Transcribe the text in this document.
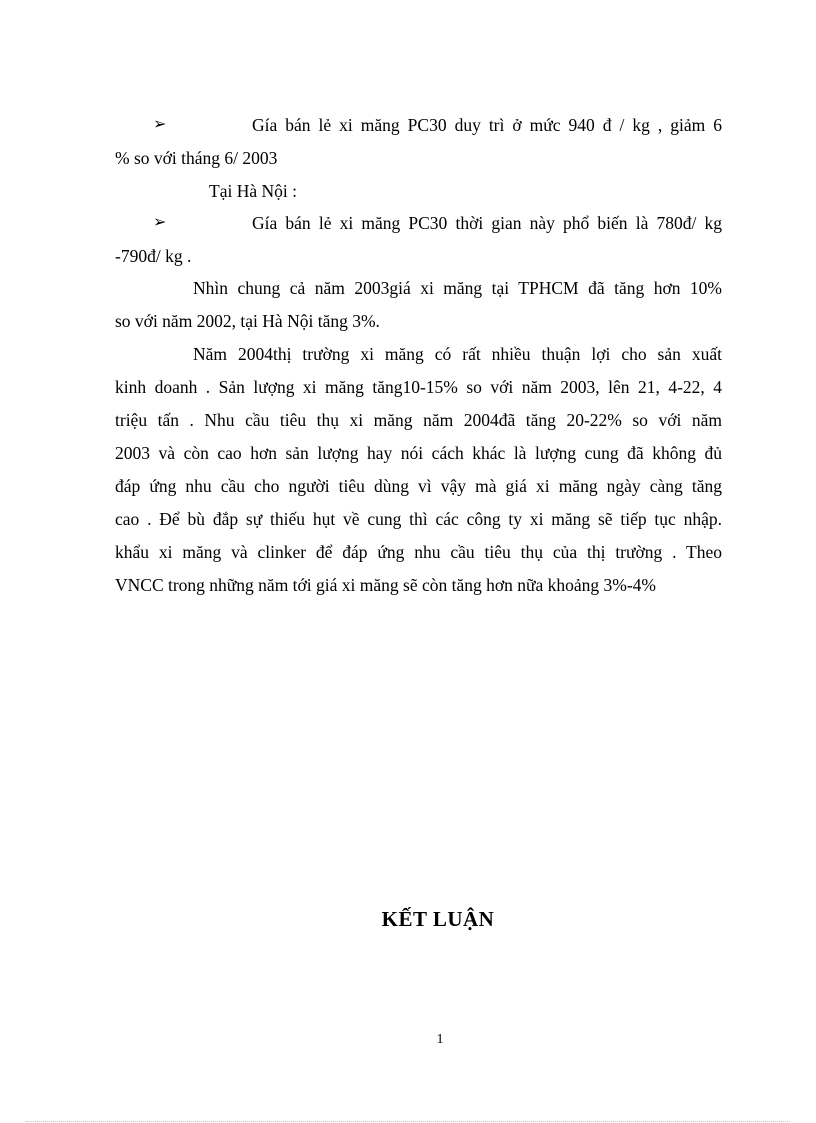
➢	Gía bán lẻ xi măng PC30 duy trì ở mức 940 đ / kg , giảm 6
% so với tháng 6/ 2003
Tại Hà Nội :
➢	Gía bán lẻ xi măng PC30 thời gian này phổ biến là 780đ/ kg
-790đ/ kg .
Nhìn chung cả năm 2003giá xi măng tại TPHCM đã tăng hơn 10%
so với năm 2002, tại Hà Nội tăng 3%.
Năm 2004thị trường xi măng có rất nhiều thuận lợi cho sản xuất
kinh doanh . Sản lượng xi măng tăng10-15% so với năm 2003, lên 21, 4-22, 4
triệu tấn . Nhu cầu tiêu thụ xi măng năm 2004đã tăng 20-22% so với năm
2003 và còn cao hơn sản lượng hay nói cách khác là lượng cung đã không đủ
đáp ứng nhu cầu cho người tiêu dùng vì vậy mà giá xi măng ngày càng tăng
cao . Để bù đắp sự thiếu hụt về cung thì các công ty xi măng sẽ tiếp tục nhập.
khẩu xi măng và clinker để đáp ứng nhu cầu tiêu thụ của thị trường . Theo
VNCC trong những năm tới giá xi măng sẽ còn tăng hơn nữa khoảng 3%-4%
KẾT LUẬN
1
